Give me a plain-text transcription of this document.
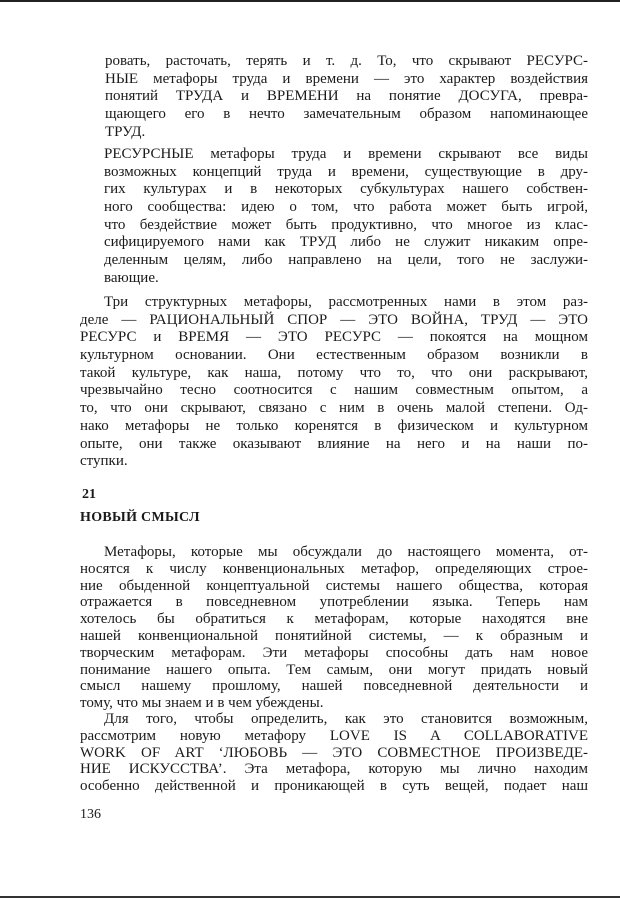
ровать, расточать, терять и т. д. То, что скрывают РЕСУРС-
НЫЕ метафоры труда и времени — это характер воздействия
понятий ТРУДА и ВРЕМЕНИ на понятие ДОСУГА, превра-
щающего его в нечто замечательным образом напоминающее
ТРУД.
РЕСУРСНЫЕ метафоры труда и времени скрывают все виды
возможных концепций труда и времени, существующие в дру-
гих культурах и в некоторых субкультурах нашего собствен-
ного сообщества: идею о том, что работа может быть игрой,
что бездействие может быть продуктивно, что многое из клас-
сифицируемого нами как ТРУД либо не служит никаким опре-
деленным целям, либо направлено на цели, того не заслужи-
вающие.
Три структурных метафоры, рассмотренных нами в этом раз-
деле — РАЦИОНАЛЬНЫЙ СПОР — ЭТО ВОЙНА, ТРУД — ЭТО
РЕСУРС и ВРЕМЯ — ЭТО РЕСУРС — покоятся на мощном
культурном основании. Они естественным образом возникли в
такой культуре, как наша, потому что то, что они раскрывают,
чрезвычайно тесно соотносится с нашим совместным опытом, а
то, что они скрывают, связано с ним в очень малой степени. Од-
нако метафоры не только коренятся в физическом и культурном
опыте, они также оказывают влияние на него и на наши по-
ступки.
21
НОВЫЙ СМЫСЛ
Метафоры, которые мы обсуждали до настоящего момента, от-
носятся к числу конвенциональных метафор, определяющих строе-
ние обыденной концептуальной системы нашего общества, которая
отражается в повседневном употреблении языка. Теперь нам
хотелось бы обратиться к метафорам, которые находятся вне
нашей конвенциональной понятийной системы, — к образным и
творческим метафорам. Эти метафоры способны дать нам новое
понимание нашего опыта. Тем самым, они могут придать новый
смысл нашему прошлому, нашей повседневной деятельности и
тому, что мы знаем и в чем убеждены.
Для того, чтобы определить, как это становится возможным,
рассмотрим новую метафору LOVE IS A COLLABORATIVE
WORK OF ART ‘ЛЮБОВЬ — ЭТО СОВМЕСТНОЕ ПРОИЗВЕДЕ-
НИЕ ИСКУССТВА’. Эта метафора, которую мы лично находим
особенно действенной и проникающей в суть вещей, подает наш
136
